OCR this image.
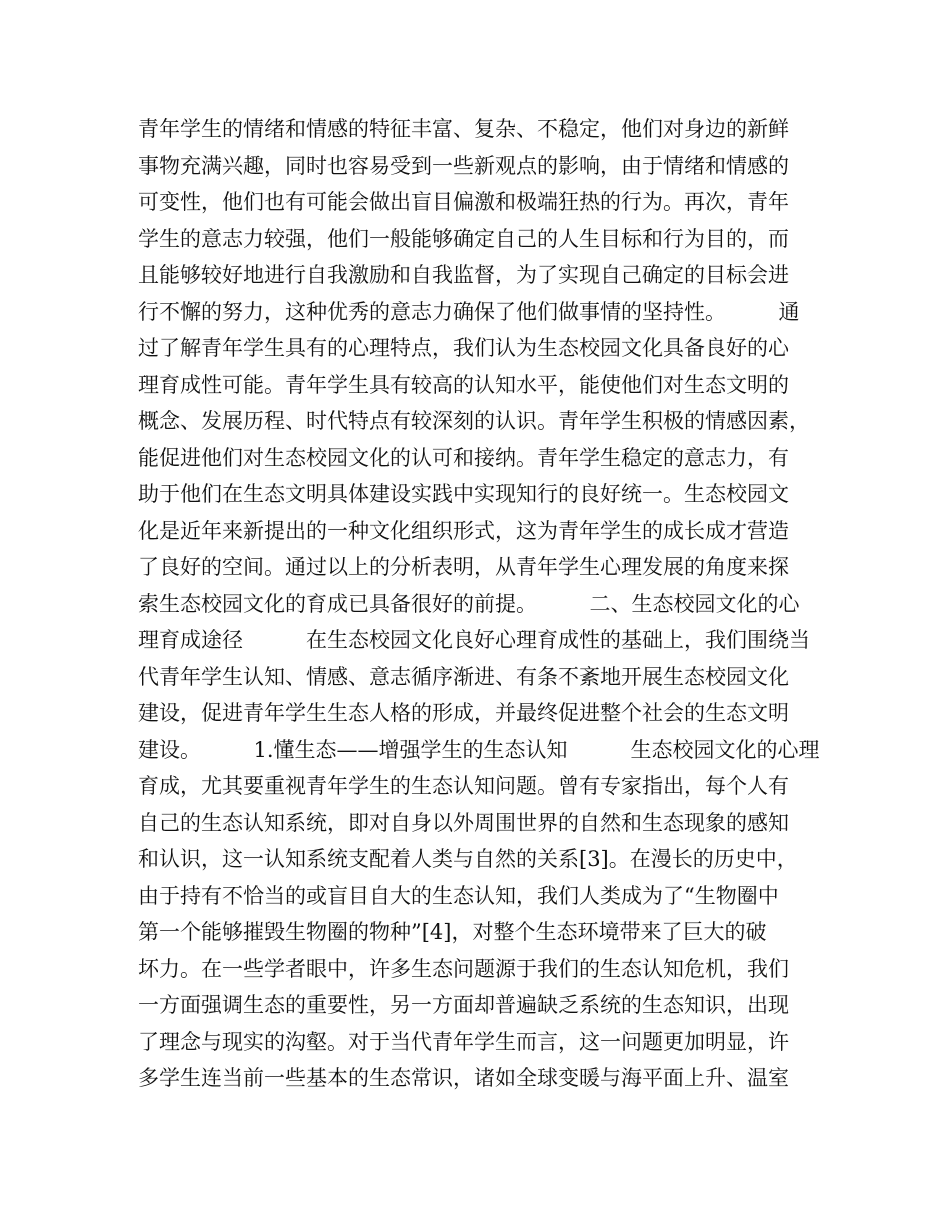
青年学生的情绪和情感的特征丰富、复杂、不稳定，他们对身边的新鲜
事物充满兴趣，同时也容易受到一些新观点的影响，由于情绪和情感的
可变性，他们也有可能会做出盲目偏激和极端狂热的行为。再次，青年
学生的意志力较强，他们一般能够确定自己的人生目标和行为目的，而
且能够较好地进行自我激励和自我监督，为了实现自己确定的目标会进
行不懈的努力，这种优秀的意志力确保了他们做事情的坚持性。　　　通
过了解青年学生具有的心理特点，我们认为生态校园文化具备良好的心
理育成性可能。青年学生具有较高的认知水平，能使他们对生态文明的
概念、发展历程、时代特点有较深刻的认识。青年学生积极的情感因素，
能促进他们对生态校园文化的认可和接纳。青年学生稳定的意志力，有
助于他们在生态文明具体建设实践中实现知行的良好统一。生态校园文
化是近年来新提出的一种文化组织形式，这为青年学生的成长成才营造
了良好的空间。通过以上的分析表明，从青年学生心理发展的角度来探
索生态校园文化的育成已具备很好的前提。　　　二、生态校园文化的心
理育成途径　　　在生态校园文化良好心理育成性的基础上，我们围绕当
代青年学生认知、情感、意志循序渐进、有条不紊地开展生态校园文化
建设，促进青年学生生态人格的形成，并最终促进整个社会的生态文明
建设。　　　1.懂生态——增强学生的生态认知　　　生态校园文化的心理
育成，尤其要重视青年学生的生态认知问题。曾有专家指出，每个人有
自己的生态认知系统，即对自身以外周围世界的自然和生态现象的感知
和认识，这一认知系统支配着人类与自然的关系[3]。在漫长的历史中，
由于持有不恰当的或盲目自大的生态认知，我们人类成为了“生物圈中
第一个能够摧毁生物圈的物种”[4]，对整个生态环境带来了巨大的破
坏力。在一些学者眼中，许多生态问题源于我们的生态认知危机，我们
一方面强调生态的重要性，另一方面却普遍缺乏系统的生态知识，出现
了理念与现实的沟壑。对于当代青年学生而言，这一问题更加明显，许
多学生连当前一些基本的生态常识，诸如全球变暖与海平面上升、温室
